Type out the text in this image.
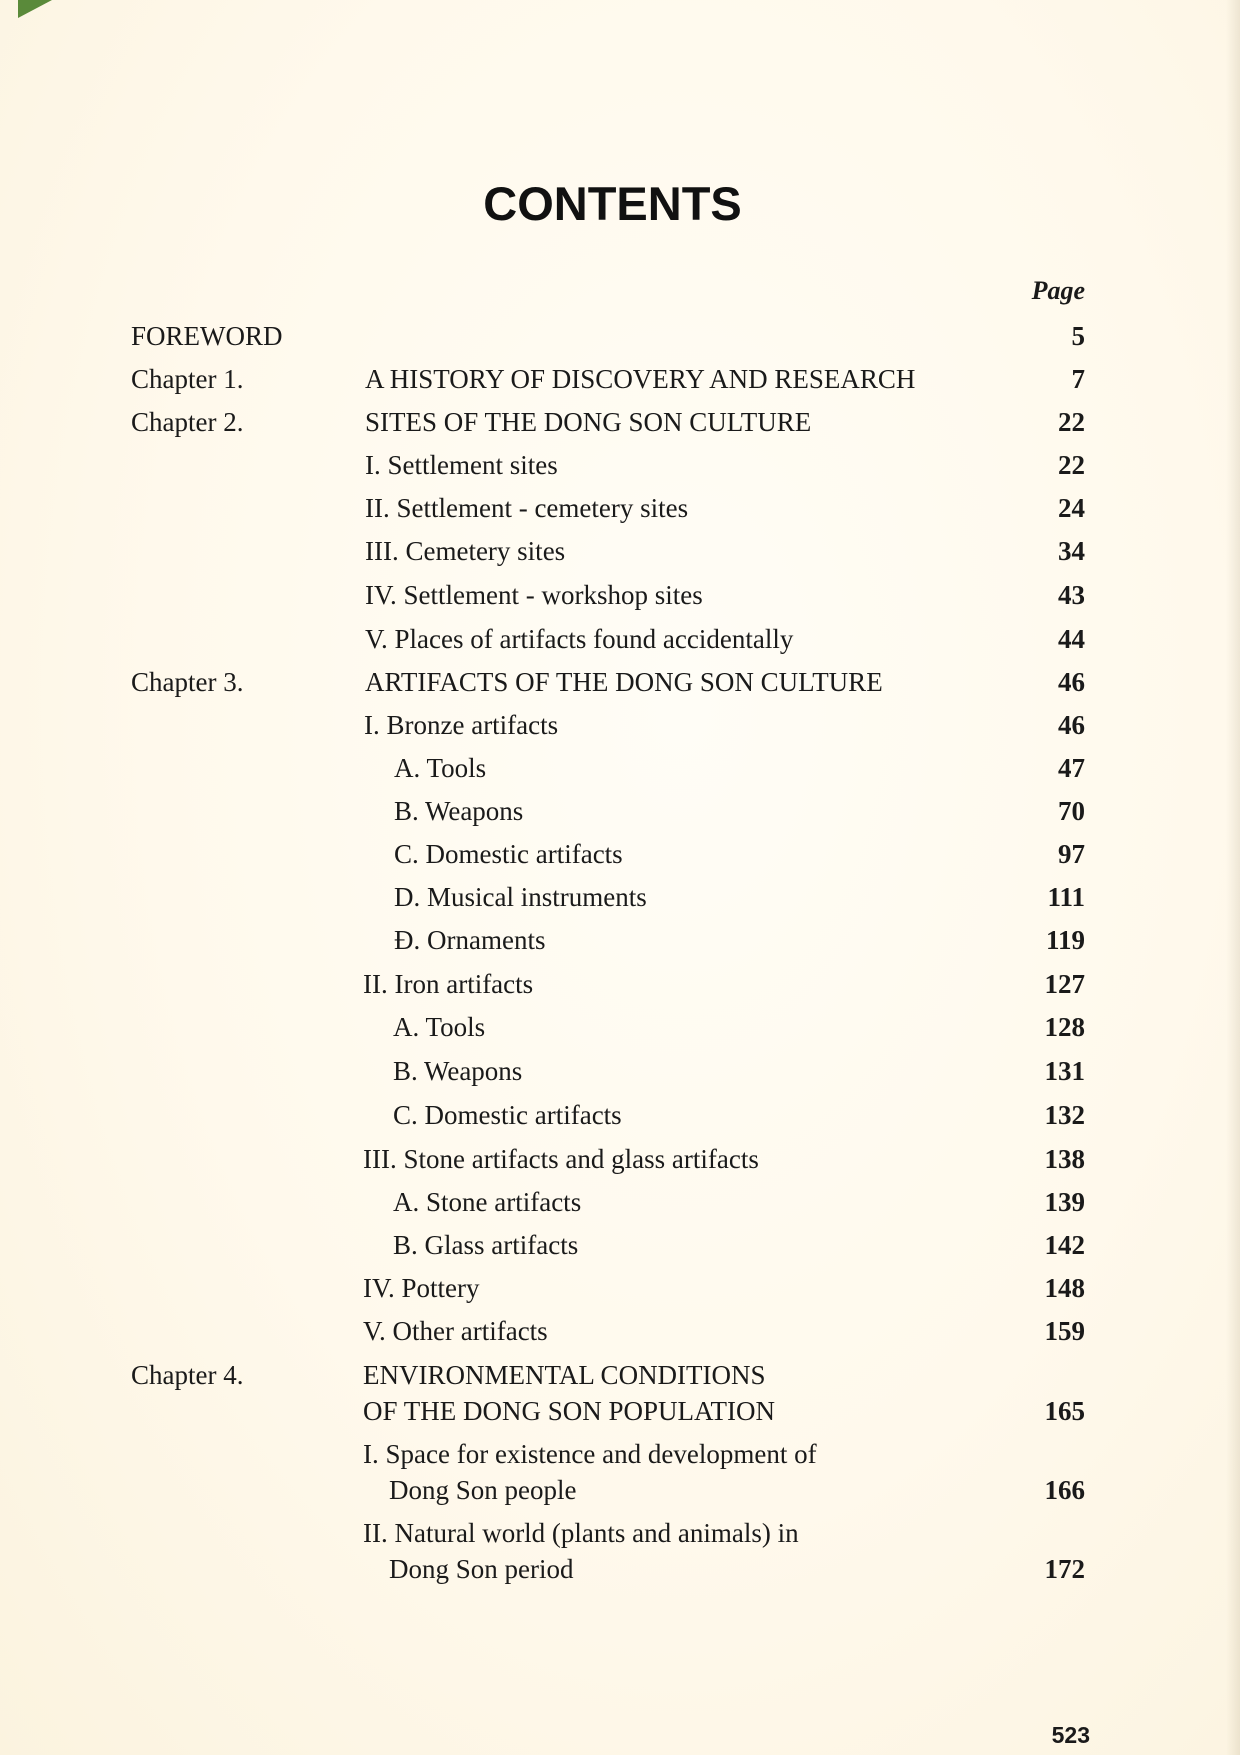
CONTENTS
Page
FOREWORD	5
Chapter 1.	A HISTORY OF DISCOVERY AND RESEARCH	7
Chapter 2.	SITES OF THE DONG SON CULTURE	22
I. Settlement sites	22
II. Settlement - cemetery sites	24
III. Cemetery sites	34
IV. Settlement - workshop sites	43
V. Places of artifacts found accidentally	44
Chapter 3.	ARTIFACTS OF THE DONG SON CULTURE	46
I. Bronze artifacts	46
A. Tools	47
B. Weapons	70
C. Domestic artifacts	97
D. Musical instruments	111
Đ. Ornaments	119
II. Iron artifacts	127
A. Tools	128
B. Weapons	131
C. Domestic artifacts	132
III. Stone artifacts and glass artifacts	138
A. Stone artifacts	139
B. Glass artifacts	142
IV. Pottery	148
V. Other artifacts	159
Chapter 4.	ENVIRONMENTAL CONDITIONS
OF THE DONG SON POPULATION	165
I. Space for existence and development of
Dong Son people	166
II. Natural world (plants and animals) in
Dong Son period	172
523
